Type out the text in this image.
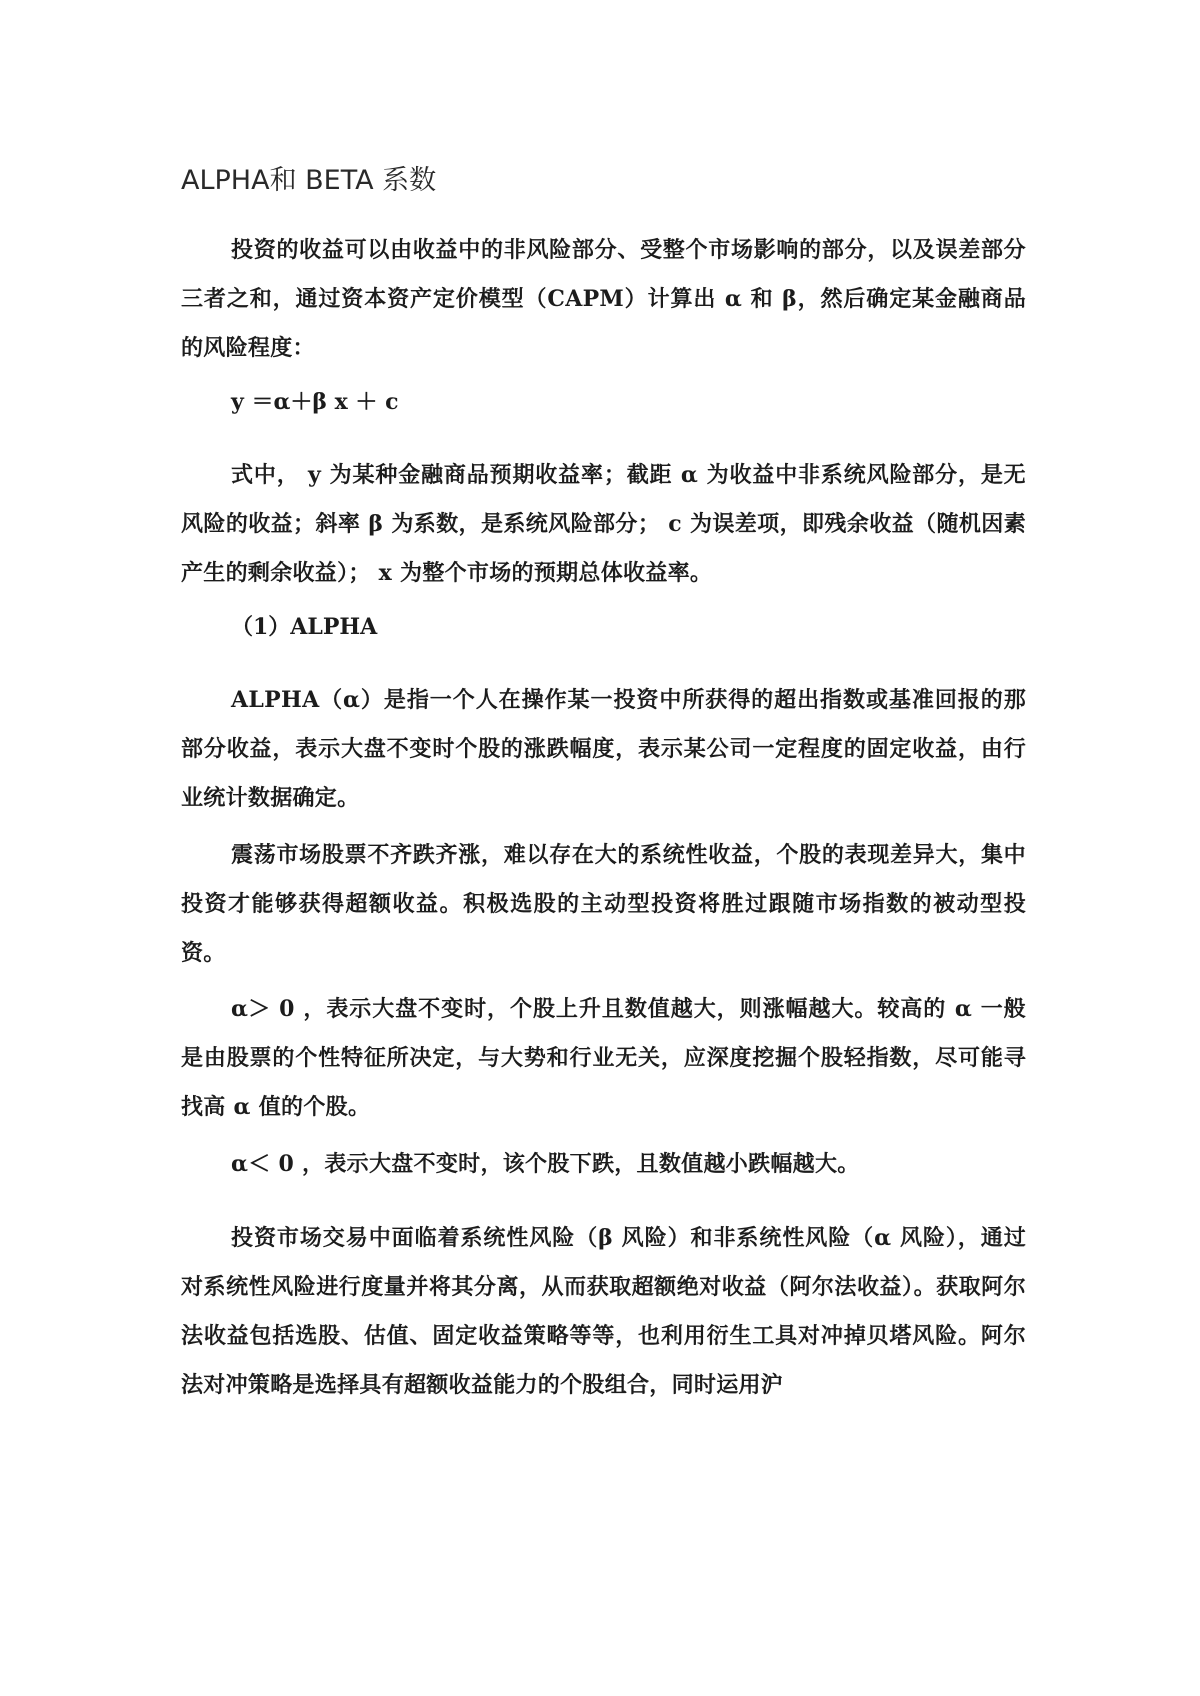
ALPHA和 BETA 系数

投资的收益可以由收益中的非风险部分、受整个市场影响的部分，以及误差部分三者之和，通过资本资产定价模型（CAPM）计算出 α 和 β，然后确定某金融商品的风险程度：

y ＝α＋β x ＋ c

式中， y 为某种金融商品预期收益率；截距 α 为收益中非系统风险部分，是无风险的收益；斜率 β 为系数，是系统风险部分； c 为误差项，即残余收益（随机因素产生的剩余收益）； x 为整个市场的预期总体收益率。

（1）ALPHA

ALPHA（α）是指一个人在操作某一投资中所获得的超出指数或基准回报的那部分收益，表示大盘不变时个股的涨跌幅度，表示某公司一定程度的固定收益，由行业统计数据确定。

震荡市场股票不齐跌齐涨，难以存在大的系统性收益，个股的表现差异大，集中投资才能够获得超额收益。积极选股的主动型投资将胜过跟随市场指数的被动型投资。

α＞ 0 ，表示大盘不变时，个股上升且数值越大，则涨幅越大。较高的 α 一般是由股票的个性特征所决定，与大势和行业无关，应深度挖掘个股轻指数，尽可能寻找高 α 值的个股。

α＜ 0 ，表示大盘不变时，该个股下跌，且数值越小跌幅越大。

投资市场交易中面临着系统性风险（β 风险）和非系统性风险（α 风险），通过对系统性风险进行度量并将其分离，从而获取超额绝对收益（阿尔法收益）。获取阿尔法收益包括选股、估值、固定收益策略等等，也利用衍生工具对冲掉贝塔风险。阿尔法对冲策略是选择具有超额收益能力的个股组合，同时运用沪
